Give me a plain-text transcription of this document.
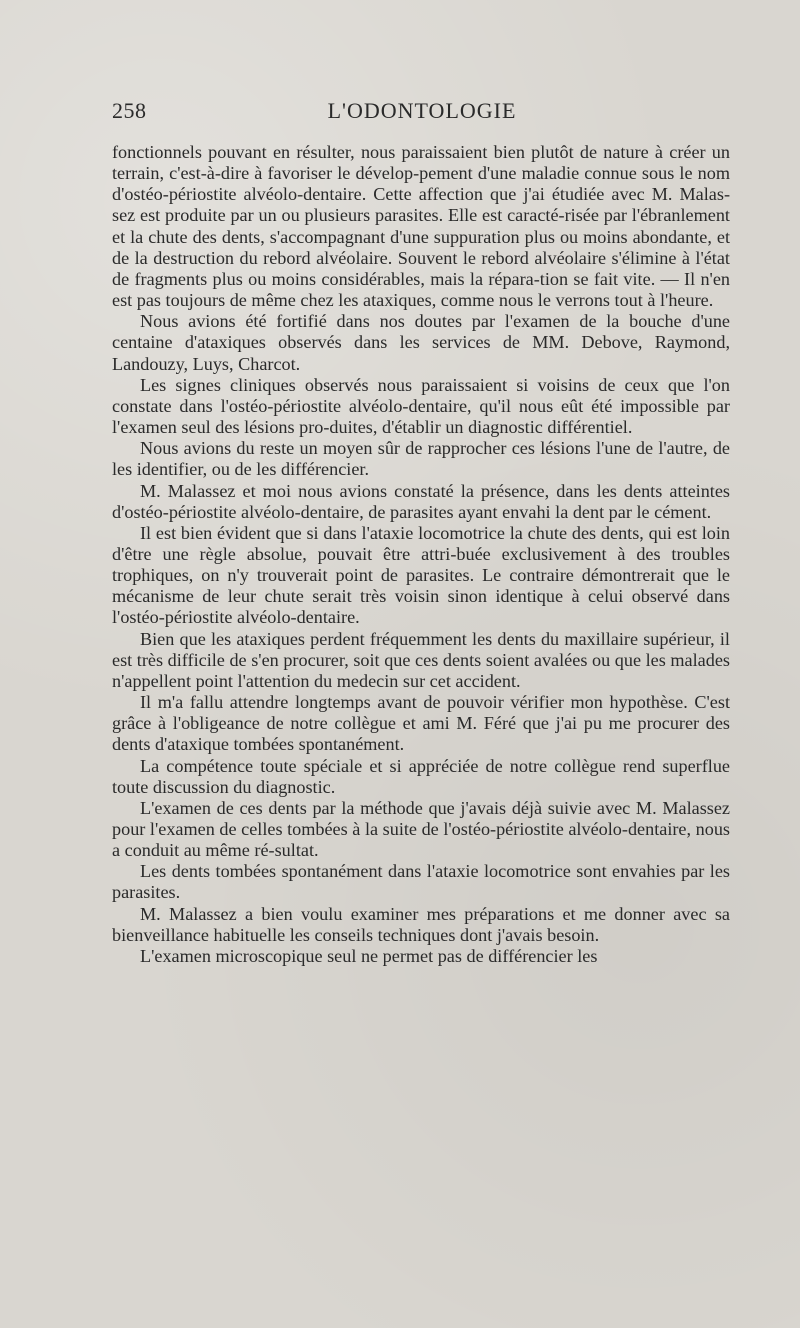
258	L'ODONTOLOGIE

fonctionnels pouvant en résulter, nous paraissaient bien plutôt de nature à créer un terrain, c'est-à-dire à favoriser le dévelop-pement d'une maladie connue sous le nom d'ostéo-périostite alvéolo-dentaire. Cette affection que j'ai étudiée avec M. Malas-sez est produite par un ou plusieurs parasites. Elle est caracté-risée par l'ébranlement et la chute des dents, s'accompagnant d'une suppuration plus ou moins abondante, et de la destruction du rebord alvéolaire. Souvent le rebord alvéolaire s'élimine à l'état de fragments plus ou moins considérables, mais la répara-tion se fait vite. — Il n'en est pas toujours de même chez les ataxiques, comme nous le verrons tout à l'heure.

Nous avions été fortifié dans nos doutes par l'examen de la bouche d'une centaine d'ataxiques observés dans les services de MM. Debove, Raymond, Landouzy, Luys, Charcot.

Les signes cliniques observés nous paraissaient si voisins de ceux que l'on constate dans l'ostéo-périostite alvéolo-dentaire, qu'il nous eût été impossible par l'examen seul des lésions pro-duites, d'établir un diagnostic différentiel.

Nous avions du reste un moyen sûr de rapprocher ces lésions l'une de l'autre, de les identifier, ou de les différencier.

M. Malassez et moi nous avions constaté la présence, dans les dents atteintes d'ostéo-périostite alvéolo-dentaire, de parasites ayant envahi la dent par le cément.

Il est bien évident que si dans l'ataxie locomotrice la chute des dents, qui est loin d'être une règle absolue, pouvait être attri-buée exclusivement à des troubles trophiques, on n'y trouverait point de parasites. Le contraire démontrerait que le mécanisme de leur chute serait très voisin sinon identique à celui observé dans l'ostéo-périostite alvéolo-dentaire.

Bien que les ataxiques perdent fréquemment les dents du maxillaire supérieur, il est très difficile de s'en procurer, soit que ces dents soient avalées ou que les malades n'appellent point l'attention du medecin sur cet accident.

Il m'a fallu attendre longtemps avant de pouvoir vérifier mon hypothèse. C'est grâce à l'obligeance de notre collègue et ami M. Féré que j'ai pu me procurer des dents d'ataxique tombées spontanément.

La compétence toute spéciale et si appréciée de notre collègue rend superflue toute discussion du diagnostic.

L'examen de ces dents par la méthode que j'avais déjà suivie avec M. Malassez pour l'examen de celles tombées à la suite de l'ostéo-périostite alvéolo-dentaire, nous a conduit au même ré-sultat.

Les dents tombées spontanément dans l'ataxie locomotrice sont envahies par les parasites.

M. Malassez a bien voulu examiner mes préparations et me donner avec sa bienveillance habituelle les conseils techniques dont j'avais besoin.

L'examen microscopique seul ne permet pas de différencier les
